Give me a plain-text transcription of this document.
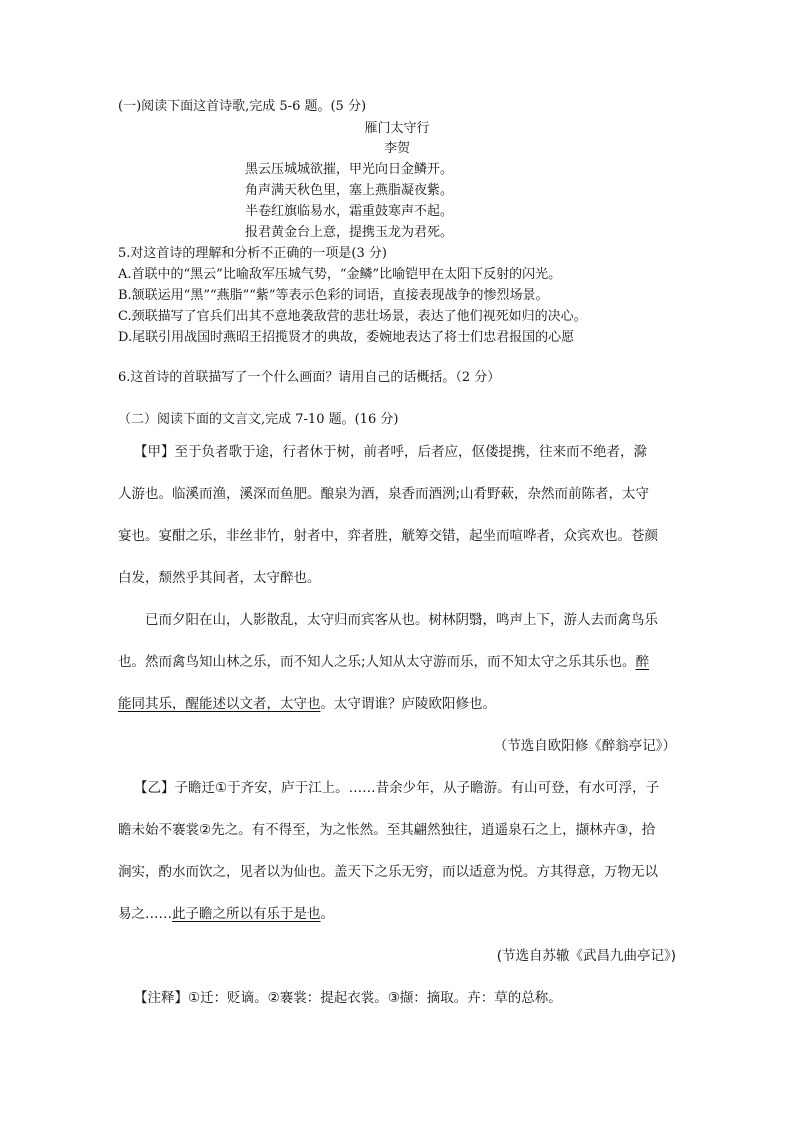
(一)阅读下面这首诗歌,完成 5-6 题。(5 分)
雁门太守行
李贺
黑云压城城欲摧，甲光向日金鳞开。
角声满天秋色里，塞上燕脂凝夜紫。
半卷红旗临易水，霜重鼓寒声不起。
报君黄金台上意，提携玉龙为君死。
5.对这首诗的理解和分析不正确的一项是(3 分)
A.首联中的“黑云”比喻敌军压城气势，“金鳞”比喻铠甲在太阳下反射的闪光。
B.颔联运用“黑”“燕脂”“紫”等表示色彩的词语，直接表现战争的惨烈场景。
C.颈联描写了官兵们出其不意地袭敌营的悲壮场景，表达了他们视死如归的决心。
D.尾联引用战国时燕昭王招揽贤才的典故，委婉地表达了将士们忠君报国的心愿
6.这首诗的首联描写了一个什么画面？请用自己的话概括。（2 分）
（二）阅读下面的文言文,完成 7-10 题。(16 分)
【甲】至于负者歌于途，行者休于树，前者呼，后者应，伛偻提携，往来而不绝者，滁
人游也。临溪而渔，溪深而鱼肥。酿泉为酒，泉香而酒洌;山肴野蔌，杂然而前陈者，太守
宴也。宴酣之乐，非丝非竹，射者中，弈者胜，觥筹交错，起坐而喧哗者，众宾欢也。苍颜
白发，颓然乎其间者，太守醉也。
已而夕阳在山，人影散乱，太守归而宾客从也。树林阴翳，鸣声上下，游人去而禽鸟乐
也。然而禽鸟知山林之乐，而不知人之乐;人知从太守游而乐，而不知太守之乐其乐也。醉
能同其乐，醒能述以文者，太守也。太守谓谁？庐陵欧阳修也。
（节选自欧阳修《醉翁亭记》）
【乙】子瞻迁①于齐安，庐于江上。……昔余少年，从子瞻游。有山可登，有水可浮，子
瞻未始不褰裳②先之。有不得至，为之怅然。至其翩然独往，逍遥泉石之上，撷林卉③，拾
涧实，酌水而饮之，见者以为仙也。盖天下之乐无穷，而以适意为悦。方其得意，万物无以
易之……此子瞻之所以有乐于是也。
(节选自苏辙《武昌九曲亭记》)
【注释】①迁：贬谪。②褰裳：提起衣裳。③撷：摘取。卉：草的总称。
